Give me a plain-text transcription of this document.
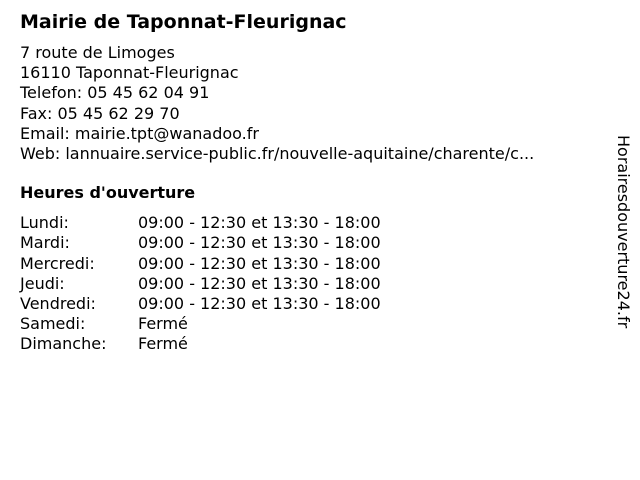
Mairie de Taponnat-Fleurignac
7 route de Limoges
16110 Taponnat-Fleurignac
Telefon: 05 45 62 04 91
Fax: 05 45 62 29 70
Email: mairie.tpt@wanadoo.fr
Web: lannuaire.service-public.fr/nouvelle-aquitaine/charente/c...
Heures d'ouverture
Lundi:	09:00 - 12:30 et 13:30 - 18:00
Mardi:	09:00 - 12:30 et 13:30 - 18:00
Mercredi:	09:00 - 12:30 et 13:30 - 18:00
Jeudi:	09:00 - 12:30 et 13:30 - 18:00
Vendredi:	09:00 - 12:30 et 13:30 - 18:00
Samedi:	Fermé
Dimanche:	Fermé
Horairesdouverture24.fr
